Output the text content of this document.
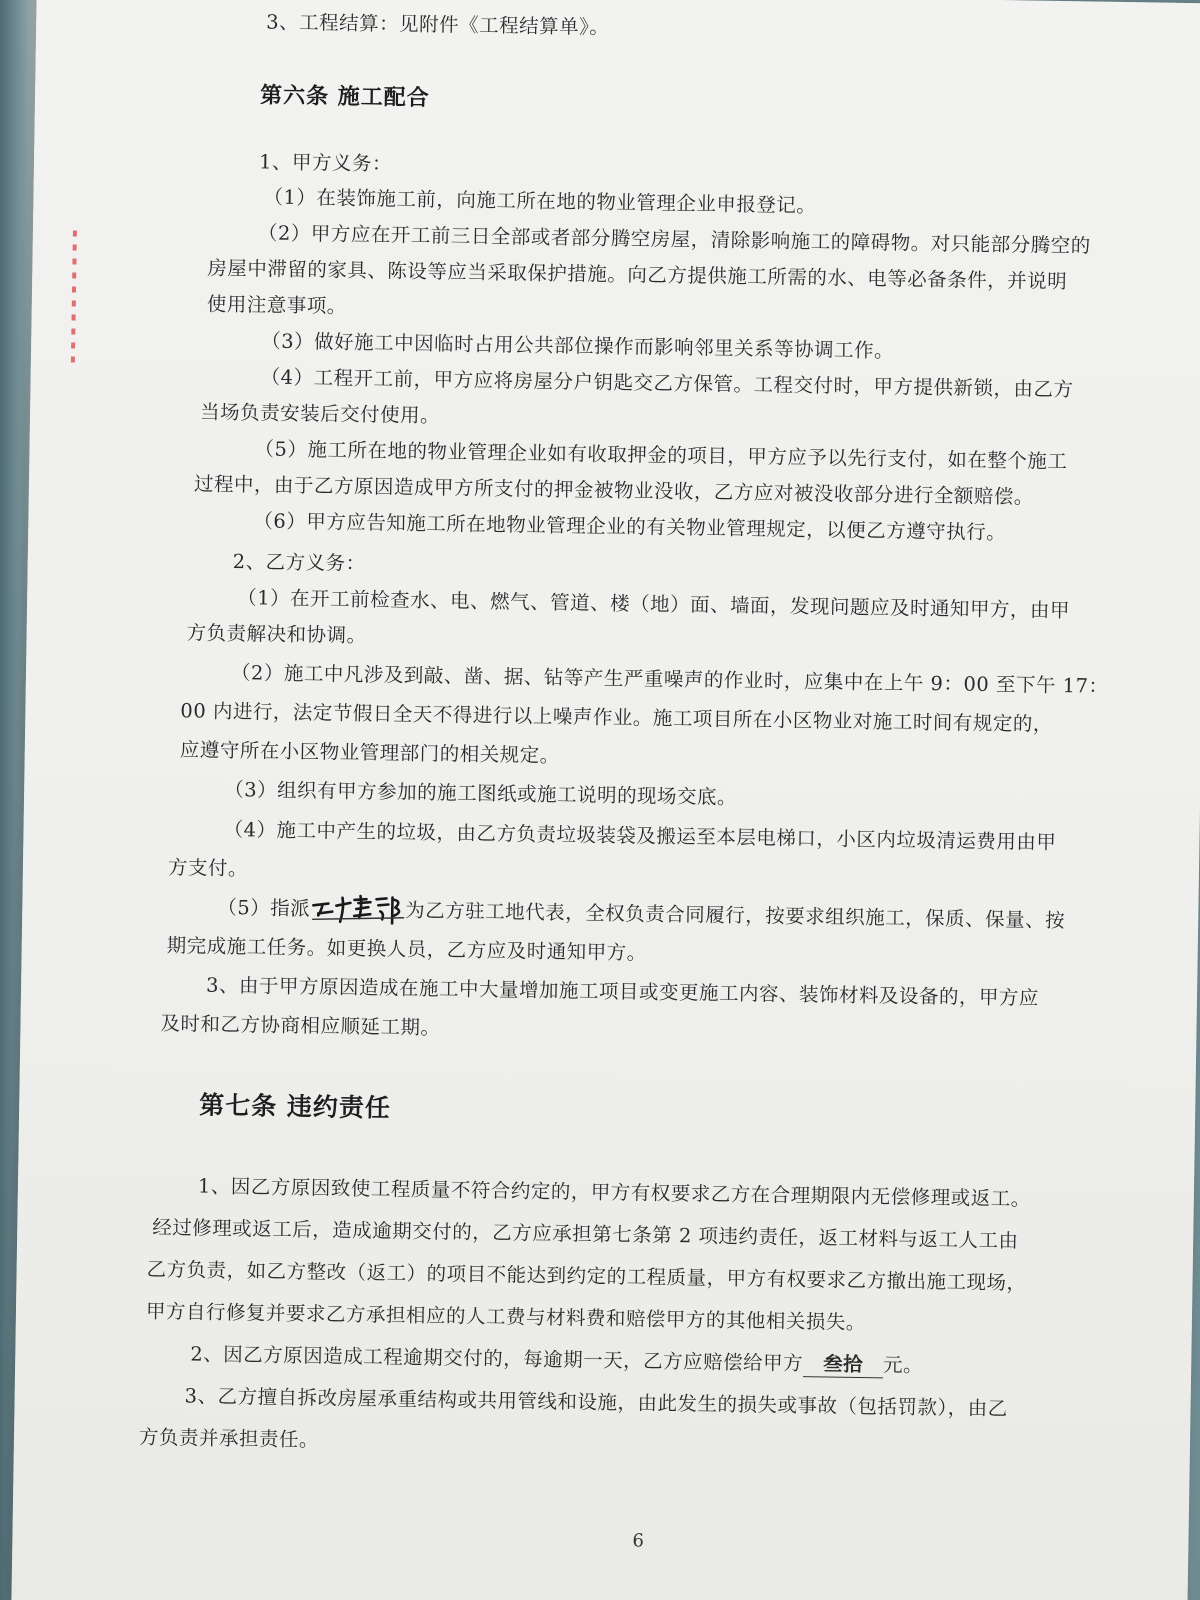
3、工程结算：见附件《工程结算单》。
第六条 施工配合
1、甲方义务：
（1）在装饰施工前，向施工所在地的物业管理企业申报登记。
（2）甲方应在开工前三日全部或者部分腾空房屋，清除影响施工的障碍物。对只能部分腾空的
房屋中滞留的家具、陈设等应当采取保护措施。向乙方提供施工所需的水、电等必备条件，并说明
使用注意事项。
（3）做好施工中因临时占用公共部位操作而影响邻里关系等协调工作。
（4）工程开工前，甲方应将房屋分户钥匙交乙方保管。工程交付时，甲方提供新锁，由乙方
当场负责安装后交付使用。
（5）施工所在地的物业管理企业如有收取押金的项目，甲方应予以先行支付，如在整个施工
过程中，由于乙方原因造成甲方所支付的押金被物业没收，乙方应对被没收部分进行全额赔偿。
（6）甲方应告知施工所在地物业管理企业的有关物业管理规定，以便乙方遵守执行。
2、乙方义务：
（1）在开工前检查水、电、燃气、管道、楼（地）面、墙面，发现问题应及时通知甲方，由甲
方负责解决和协调。
（2）施工中凡涉及到敲、凿、据、钻等产生严重噪声的作业时，应集中在上午 9：00 至下午 17：
00 内进行，法定节假日全天不得进行以上噪声作业。施工项目所在小区物业对施工时间有规定的，
应遵守所在小区物业管理部门的相关规定。
（3）组织有甲方参加的施工图纸或施工说明的现场交底。
（4）施工中产生的垃圾，由乙方负责垃圾装袋及搬运至本层电梯口，小区内垃圾清运费用由甲
方支付。
（5）指派	为乙方驻工地代表，全权负责合同履行，按要求组织施工，保质、保量、按
期完成施工任务。如更换人员，乙方应及时通知甲方。
3、由于甲方原因造成在施工中大量增加施工项目或变更施工内容、装饰材料及设备的，甲方应
及时和乙方协商相应顺延工期。
第七条 违约责任
1、因乙方原因致使工程质量不符合约定的，甲方有权要求乙方在合理期限内无偿修理或返工。
经过修理或返工后，造成逾期交付的，乙方应承担第七条第 2 项违约责任，返工材料与返工人工由
乙方负责，如乙方整改（返工）的项目不能达到约定的工程质量，甲方有权要求乙方撤出施工现场，
甲方自行修复并要求乙方承担相应的人工费与材料费和赔偿甲方的其他相关损失。
2、因乙方原因造成工程逾期交付的，每逾期一天，乙方应赔偿给甲方 叁拾 元。
3、乙方擅自拆改房屋承重结构或共用管线和设施，由此发生的损失或事故（包括罚款），由乙
方负责并承担责任。
6
